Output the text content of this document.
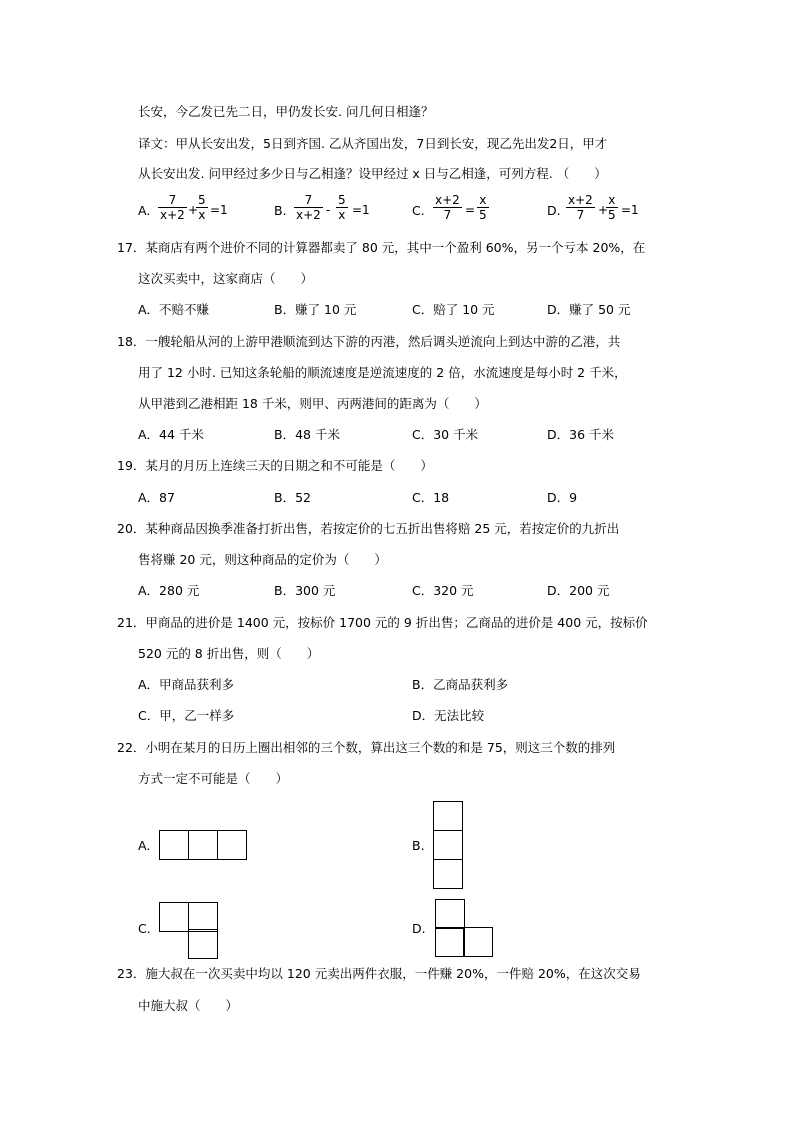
长安，今乙发已先二日，甲仍发长安. 问几何日相逢？
译文：甲从长安出发，5日到齐国. 乙从齐国出发，7日到长安，现乙先出发2日，甲才
从长安出发. 问甲经过多少日与乙相逢？设甲经过 x 日与乙相逢，可列方程. （　　）
A.
7
x+2 +
5
x =1	B.
7
x+2 -
5
x =1	C.
x+2
7 =
x
5	D.
x+2
7 +
x
5 =1
17．某商店有两个进价不同的计算器都卖了 80 元，其中一个盈利 60%，另一个亏本 20%，在
这次买卖中，这家商店（　　）
A．不赔不赚	B．赚了 10 元	C．赔了 10 元	D．赚了 50 元
18．一艘轮船从河的上游甲港顺流到达下游的丙港，然后调头逆流向上到达中游的乙港，共
用了 12 小时. 已知这条轮船的顺流速度是逆流速度的 2 倍，水流速度是每小时 2 千米，
从甲港到乙港相距 18 千米，则甲、丙两港间的距离为（　　）
A．44 千米	B．48 千米	C．30 千米	D．36 千米
19．某月的月历上连续三天的日期之和不可能是（　　）
A．87	B．52	C．18	D．9
20．某种商品因换季准备打折出售，若按定价的七五折出售将赔 25 元，若按定价的九折出
售将赚 20 元，则这种商品的定价为（　　）
A．280 元	B．300 元	C．320 元	D．200 元
21．甲商品的进价是 1400 元，按标价 1700 元的 9 折出售；乙商品的进价是 400 元，按标价
520 元的 8 折出售，则（　　）
A．甲商品获利多	B．乙商品获利多
C．甲，乙一样多	D．无法比较
22．小明在某月的日历上圈出相邻的三个数，算出这三个数的和是 75，则这三个数的排列
方式一定不可能是（　　）
A.	B.
C.	D.
23．施大叔在一次买卖中均以 120 元卖出两件衣服，一件赚 20%，一件赔 20%，在这次交易
中施大叔（　　）
